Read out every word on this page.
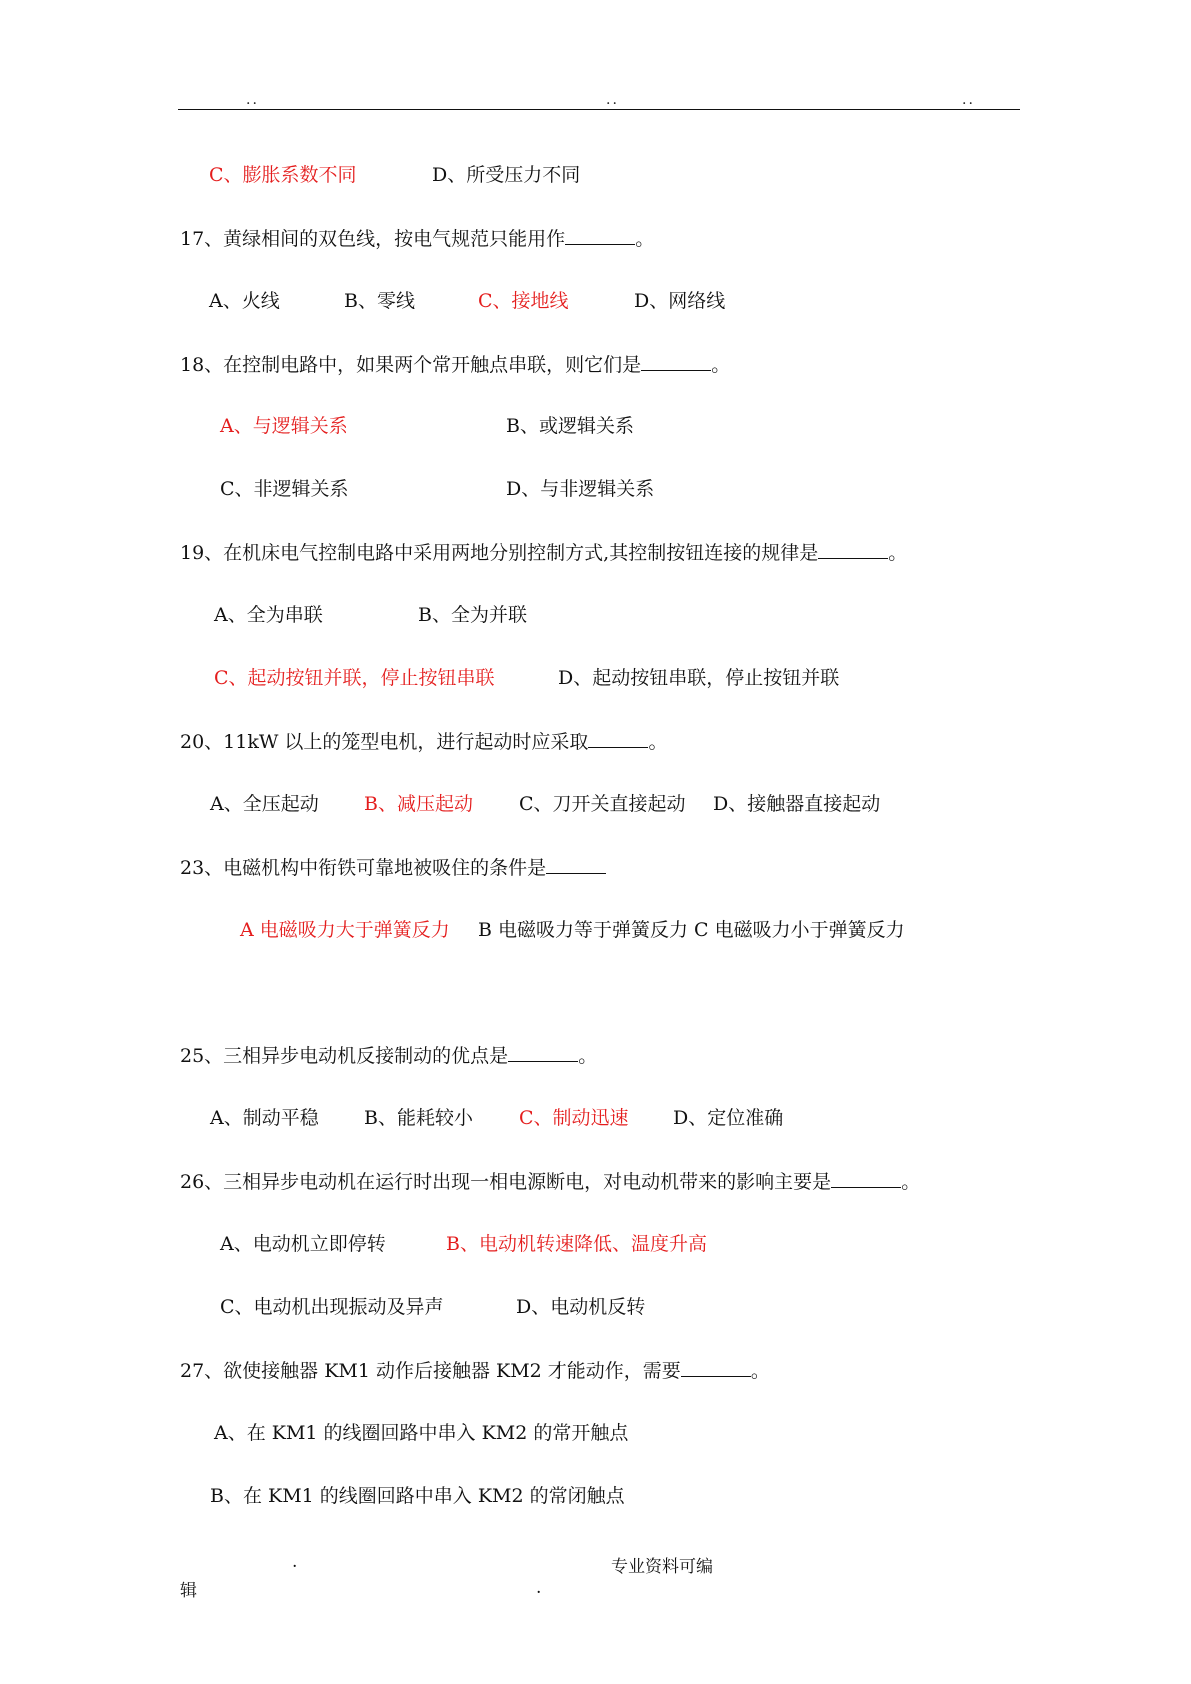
..	..	..
C、膨胀系数不同	D、所受压力不同
17、黄绿相间的双色线，按电气规范只能用作	。
A、火线	B、零线	C、接地线	D、网络线
18、在控制电路中，如果两个常开触点串联，则它们是	。
A、与逻辑关系	B、或逻辑关系
C、非逻辑关系	D、与非逻辑关系
19、在机床电气控制电路中采用两地分别控制方式,其控制按钮连接的规律是	。
A、全为串联	B、全为并联
C、起动按钮并联，停止按钮串联	D、起动按钮串联，停止按钮并联
20、11kW 以上的笼型电机，进行起动时应采取	。
A、全压起动 B、减压起动 C、刀开关直接起动 D、接触器直接起动
23、电磁机构中衔铁可靠地被吸住的条件是
A 电磁吸力大于弹簧反力 B 电磁吸力等于弹簧反力 C 电磁吸力小于弹簧反力
25、三相异步电动机反接制动的优点是	。
A、制动平稳 B、能耗较小 C、制动迅速 D、定位准确
26、三相异步电动机在运行时出现一相电源断电，对电动机带来的影响主要是	。
A、电动机立即停转	B、电动机转速降低、温度升高
C、电动机出现振动及异声	D、电动机反转
27、欲使接触器 KM1 动作后接触器 KM2 才能动作，需要	。
A、在 KM1 的线圈回路中串入 KM2 的常开触点
B、在 KM1 的线圈回路中串入 KM2 的常闭触点
.	专业资料可编
辑	.
